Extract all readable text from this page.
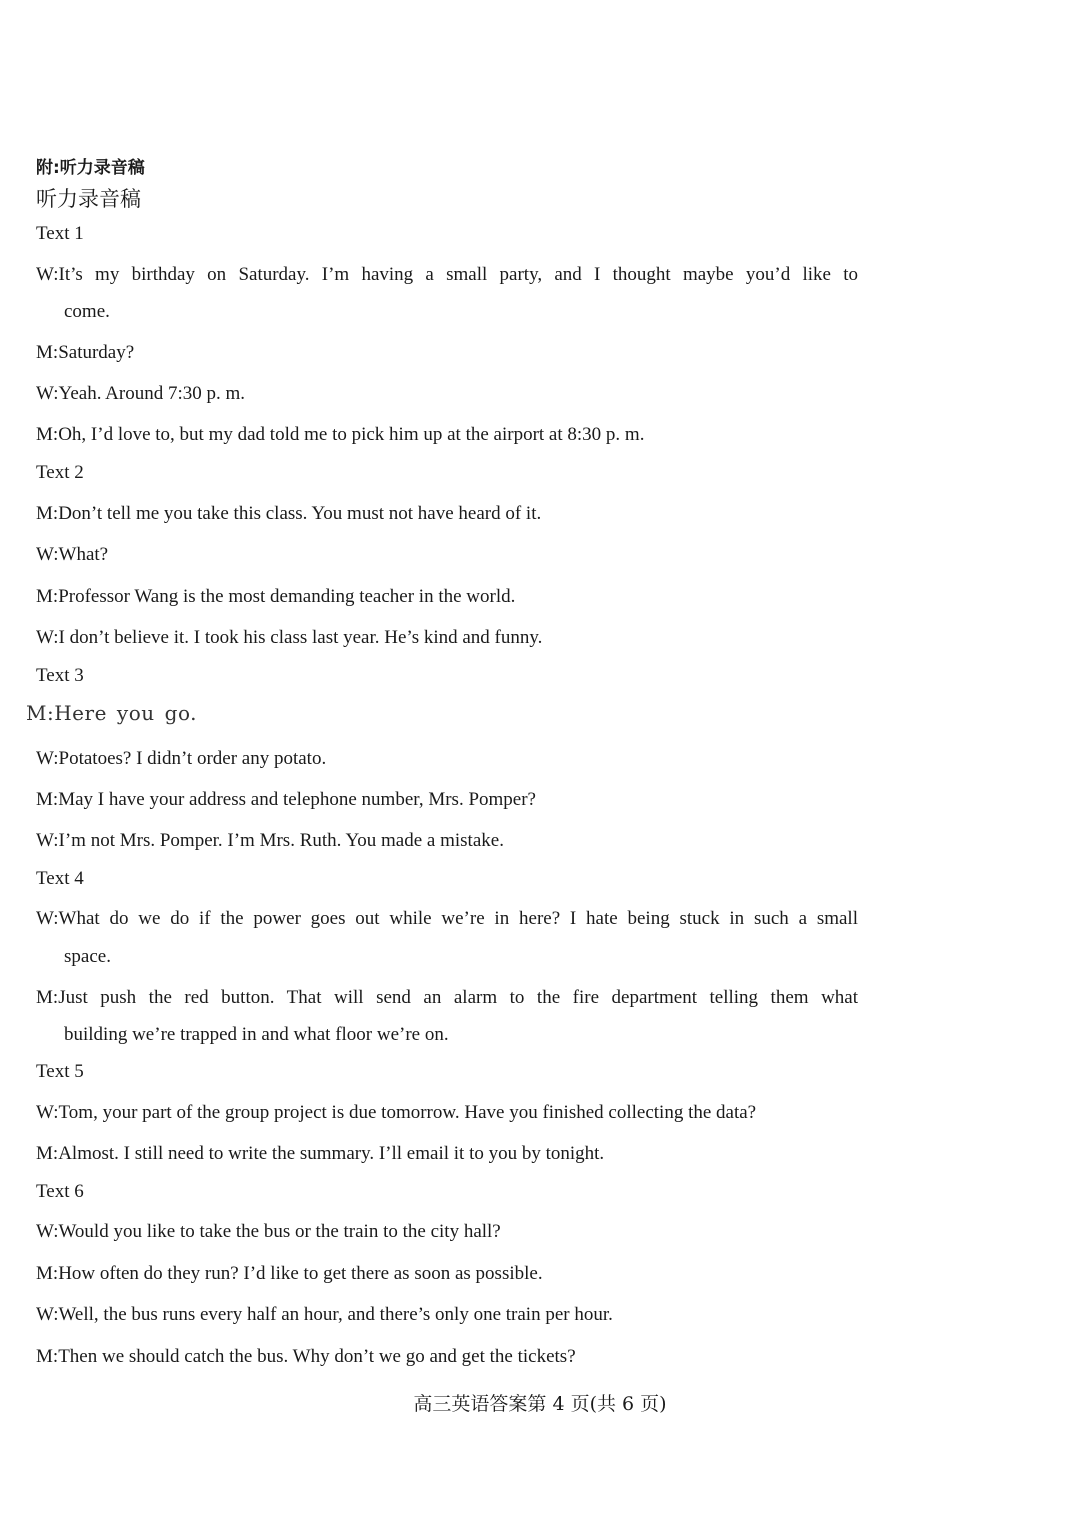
附:听力录音稿
听力录音稿
Text 1
W:It’s my birthday on Saturday. I’m having a small party, and I thought maybe you’d like to
come.
M:Saturday?
W:Yeah. Around 7:30 p. m.
M:Oh, I’d love to, but my dad told me to pick him up at the airport at 8:30 p. m.
Text 2
M:Don’t tell me you take this class. You must not have heard of it.
W:What?
M:Professor Wang is the most demanding teacher in the world.
W:I don’t believe it. I took his class last year. He’s kind and funny.
Text 3
M:Here you go.
W:Potatoes? I didn’t order any potato.
M:May I have your address and telephone number, Mrs. Pomper?
W:I’m not Mrs. Pomper. I’m Mrs. Ruth. You made a mistake.
Text 4
W:What do we do if the power goes out while we’re in here? I hate being stuck in such a small
space.
M:Just push the red button. That will send an alarm to the fire department telling them what
building we’re trapped in and what floor we’re on.
Text 5
W:Tom, your part of the group project is due tomorrow. Have you finished collecting the data?
M:Almost. I still need to write the summary. I’ll email it to you by tonight.
Text 6
W:Would you like to take the bus or the train to the city hall?
M:How often do they run? I’d like to get there as soon as possible.
W:Well, the bus runs every half an hour, and there’s only one train per hour.
M:Then we should catch the bus. Why don’t we go and get the tickets?
高三英语答案第 4 页(共 6 页)
